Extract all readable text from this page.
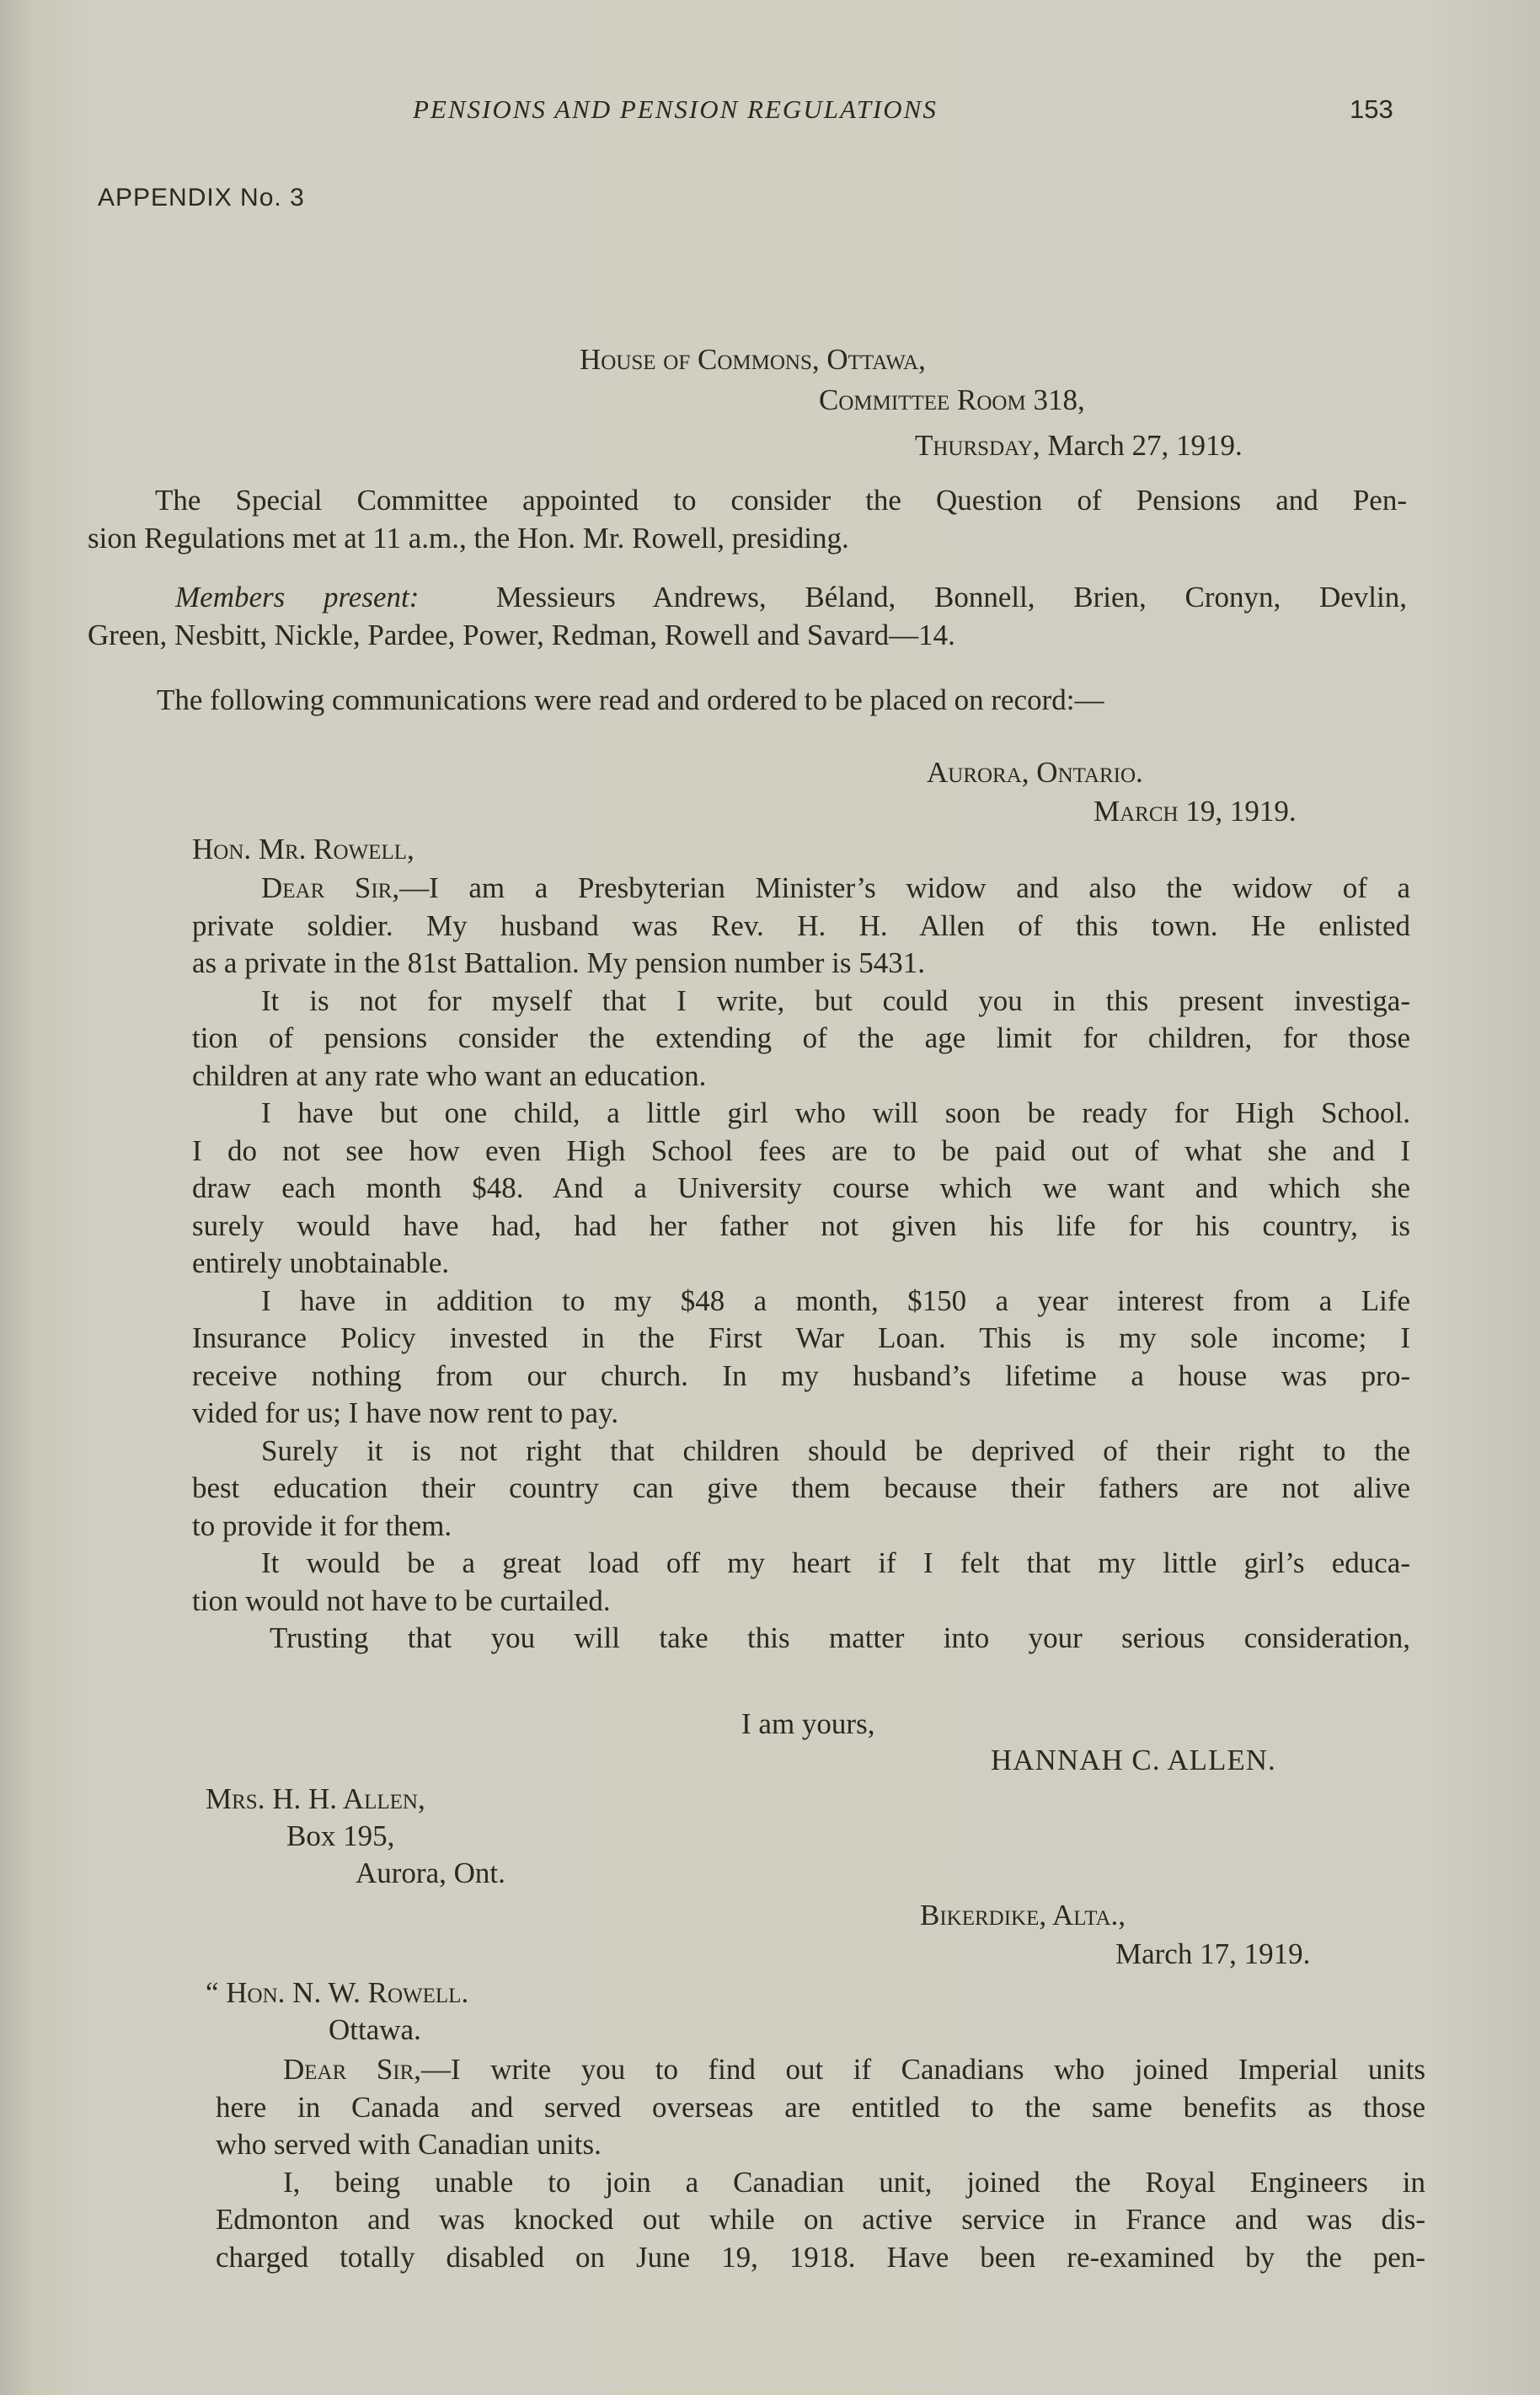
PENSIONS AND PENSION REGULATIONS	153
APPENDIX No. 3
House of Commons, Ottawa,
Committee Room 318,
Thursday, March 27, 1919.
The Special Committee appointed to consider the Question of Pensions and Pen-
sion Regulations met at 11 a.m., the Hon. Mr. Rowell, presiding.
Members present:	Messieurs Andrews, Béland, Bonnell, Brien, Cronyn, Devlin,
Green, Nesbitt, Nickle, Pardee, Power, Redman, Rowell and Savard—14.
The following communications were read and ordered to be placed on record:—
Aurora, Ontario.
March 19, 1919.
Hon. Mr. Rowell,
Dear Sir,—I am a Presbyterian Minister’s widow and also the widow of a
private soldier. My husband was Rev. H. H. Allen of this town. He enlisted
as a private in the 81st Battalion. My pension number is 5431.
It is not for myself that I write, but could you in this present investiga-
tion of pensions consider the extending of the age limit for children, for those
children at any rate who want an education.
I have but one child, a little girl who will soon be ready for High School.
I do not see how even High School fees are to be paid out of what she and I
draw each month $48. And a University course which we want and which she
surely would have had, had her father not given his life for his country, is
entirely unobtainable.
I have in addition to my $48 a month, $150 a year interest from a Life
Insurance Policy invested in the First War Loan. This is my sole income; I
receive nothing from our church. In my husband’s lifetime a house was pro-
vided for us; I have now rent to pay.
Surely it is not right that children should be deprived of their right to the
best education their country can give them because their fathers are not alive
to provide it for them.
It would be a great load off my heart if I felt that my little girl’s educa-
tion would not have to be curtailed.
Trusting that you will take this matter into your serious consideration,
I am yours,
HANNAH C. ALLEN.
Mrs. H. H. Allen,
Box 195,
Aurora, Ont.
Bikerdike, Alta.,
March 17, 1919.
“ Hon. N. W. Rowell.
Ottawa.
Dear Sir,—I write you to find out if Canadians who joined Imperial units
here in Canada and served overseas are entitled to the same benefits as those
who served with Canadian units.
I, being unable to join a Canadian unit, joined the Royal Engineers in
Edmonton and was knocked out while on active service in France and was dis-
charged totally disabled on June 19, 1918. Have been re-examined by the pen-
